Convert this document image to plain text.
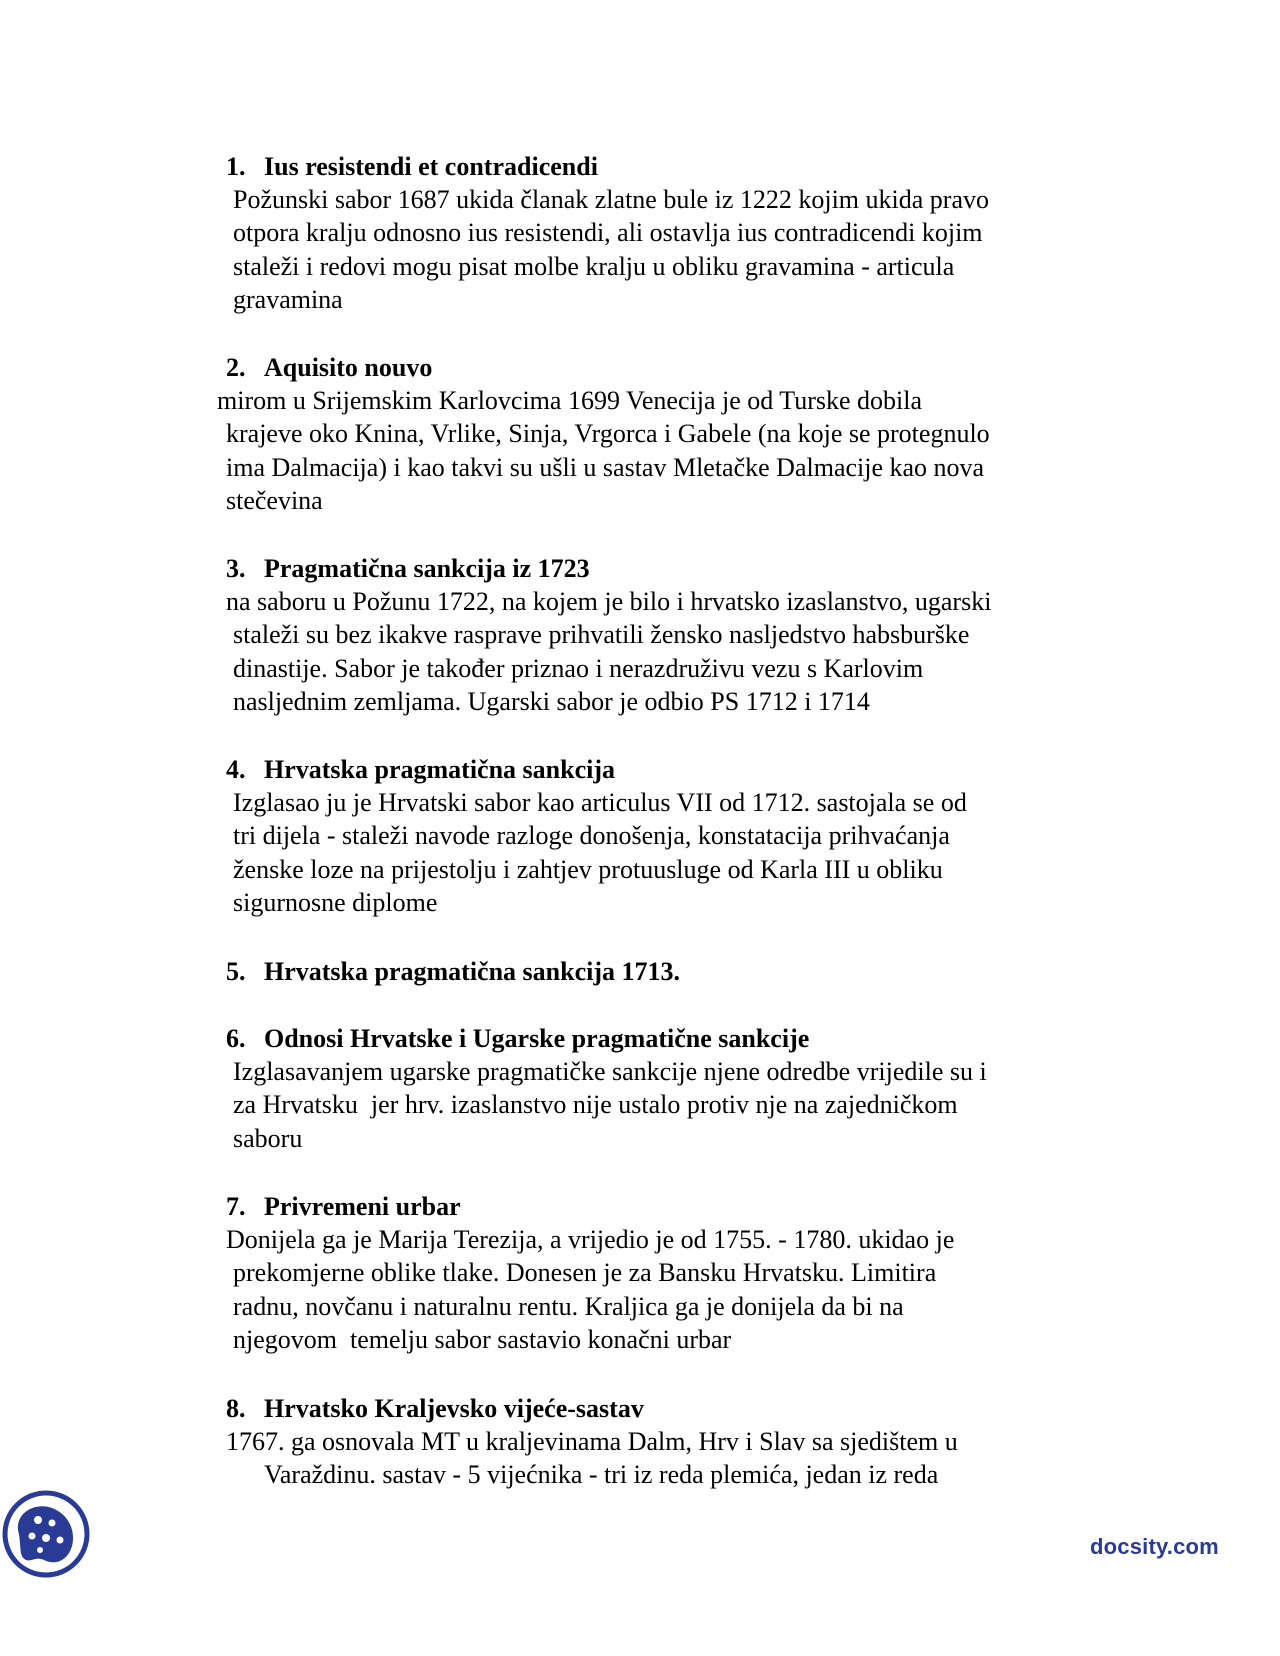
1. Ius resistendi et contradicendi
Požunski sabor 1687 ukida članak zlatne bule iz 1222 kojim ukida pravo
otpora kralju odnosno ius resistendi, ali ostavlja ius contradicendi kojim
staleži i redovi mogu pisat molbe kralju u obliku gravamina - articula
gravamina
2. Aquisito nouvo
mirom u Srijemskim Karlovcima 1699 Venecija je od Turske dobila
krajeve oko Knina, Vrlike, Sinja, Vrgorca i Gabele (na koje se protegnulo
ima Dalmacija) i kao takvi su ušli u sastav Mletačke Dalmacije kao nova
stečevina
3. Pragmatična sankcija iz 1723
na saboru u Požunu 1722, na kojem je bilo i hrvatsko izaslanstvo, ugarski
staleži su bez ikakve rasprave prihvatili žensko nasljedstvo habsburške
dinastije. Sabor je također priznao i nerazdruživu vezu s Karlovim
nasljednim zemljama. Ugarski sabor je odbio PS 1712 i 1714
4. Hrvatska pragmatična sankcija
Izglasao ju je Hrvatski sabor kao articulus VII od 1712. sastojala se od
tri dijela - staleži navode razloge donošenja, konstatacija prihvaćanja
ženske loze na prijestolju i zahtjev protuusluge od Karla III u obliku
sigurnosne diplome
5. Hrvatska pragmatična sankcija 1713.
6. Odnosi Hrvatske i Ugarske pragmatične sankcije
Izglasavanjem ugarske pragmatičke sankcije njene odredbe vrijedile su i
za Hrvatsku  jer hrv. izaslanstvo nije ustalo protiv nje na zajedničkom
saboru
7. Privremeni urbar
Donijela ga je Marija Terezija, a vrijedio je od 1755. - 1780. ukidao je
prekomjerne oblike tlake. Donesen je za Bansku Hrvatsku. Limitira
radnu, novčanu i naturalnu rentu. Kraljica ga je donijela da bi na
njegovom  temelju sabor sastavio konačni urbar
8. Hrvatsko Kraljevsko vijeće-sastav
1767. ga osnovala MT u kraljevinama Dalm, Hrv i Slav sa sjedištem u
Varaždinu. sastav - 5 vijećnika - tri iz reda plemića, jedan iz reda
docsity.com
